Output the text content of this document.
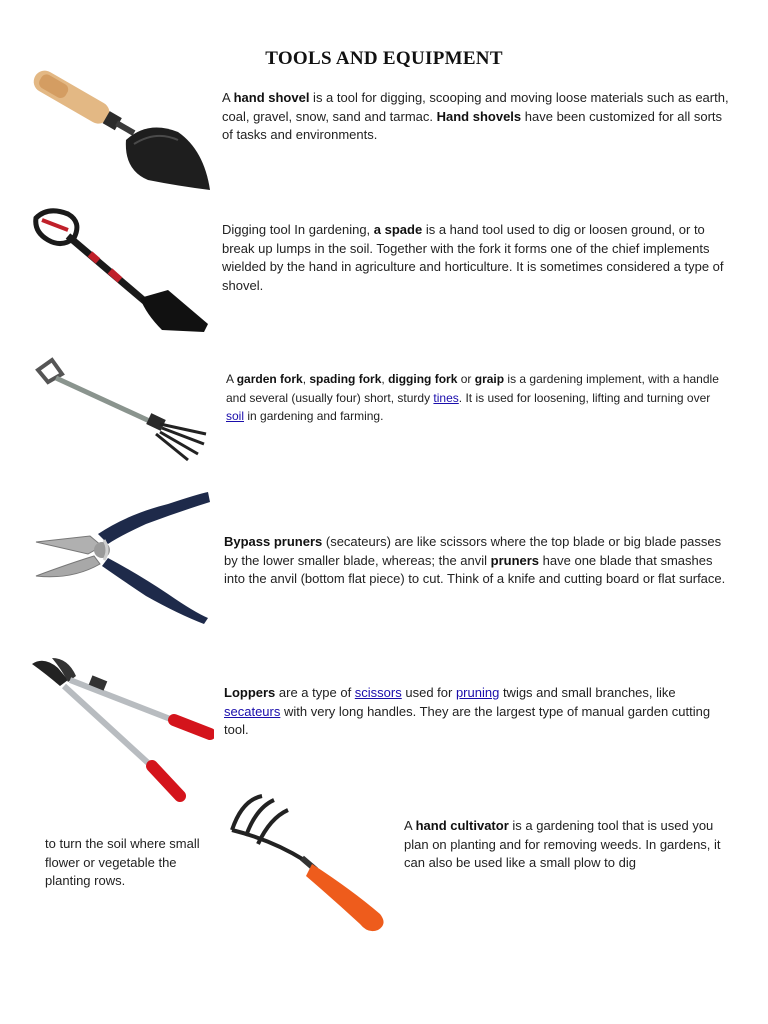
TOOLS AND EQUIPMENT
A hand shovel is a tool for digging, scooping and moving loose materials such as earth, coal, gravel, snow, sand and tarmac. Hand shovels have been customized for all sorts of tasks and environments.
Digging tool In gardening, a spade is a hand tool used to dig or loosen ground, or to break up lumps in the soil. Together with the fork it forms one of the chief implements wielded by the hand in agriculture and horticulture. It is sometimes considered a type of shovel.
A garden fork, spading fork, digging fork or graip is a gardening implement, with a handle and several (usually four) short, sturdy tines. It is used for loosening, lifting and turning over soil in gardening and farming.
Bypass pruners (secateurs) are like scissors where the top blade or big blade passes by the lower smaller blade, whereas; the anvil pruners have one blade that smashes into the anvil (bottom flat piece) to cut. Think of a knife and cutting board or flat surface.
Loppers are a type of scissors used for pruning twigs and small branches, like secateurs with very long handles. They are the largest type of manual garden cutting tool.
to turn the soil where small flower or vegetable the planting rows.
A hand cultivator is a gardening tool that is used you plan on planting and for removing weeds. In gardens, it can also be used like a small plow to dig
